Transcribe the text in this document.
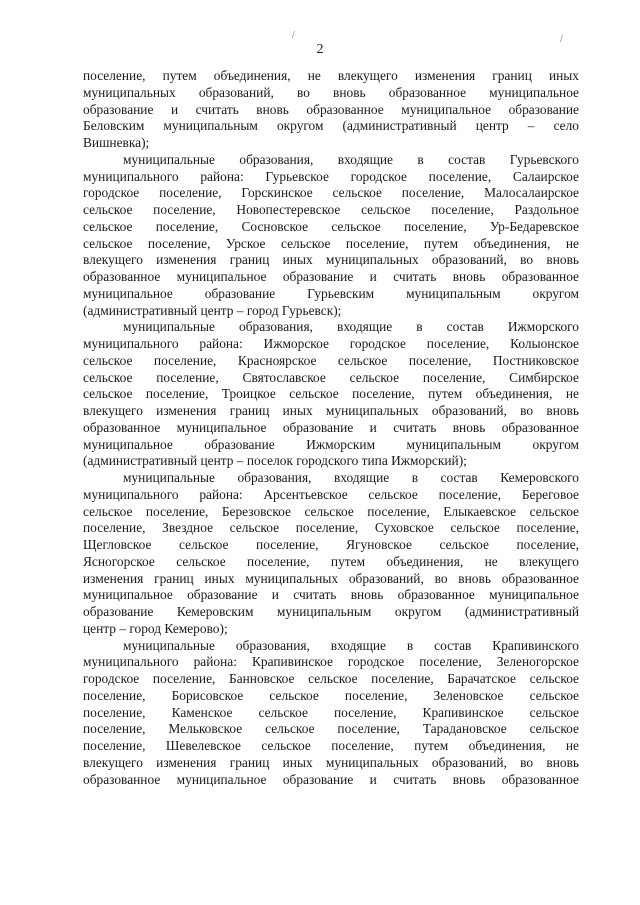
2
/	/
поселение, путем объединения, не влекущего изменения границ иных
муниципальных образований, во вновь образованное муниципальное
образование и считать вновь образованное муниципальное образование
Беловским муниципальным округом (административный центр – село
Вишневка);
муниципальные образования, входящие в состав Гурьевского
муниципального района: Гурьевское городское поселение, Салаирское
городское поселение, Горскинское сельское поселение, Малосалаирское
сельское поселение, Новопестеревское сельское поселение, Раздольное
сельское поселение, Сосновское сельское поселение, Ур-Бедаревское
сельское поселение, Урское сельское поселение, путем объединения, не
влекущего изменения границ иных муниципальных образований, во вновь
образованное муниципальное образование и считать вновь образованное
муниципальное образование Гурьевским муниципальным округом
(административный центр – город Гурьевск);
муниципальные образования, входящие в состав Ижморского
муниципального района: Ижморское городское поселение, Колыонское
сельское поселение, Красноярское сельское поселение, Постниковское
сельское поселение, Святославское сельское поселение, Симбирское
сельское поселение, Троицкое сельское поселение, путем объединения, не
влекущего изменения границ иных муниципальных образований, во вновь
образованное муниципальное образование и считать вновь образованное
муниципальное образование Ижморским муниципальным округом
(административный центр – поселок городского типа Ижморский);
муниципальные образования, входящие в состав Кемеровского
муниципального района: Арсентьевское сельское поселение, Береговое
сельское поселение, Березовское сельское поселение, Елыкаевское сельское
поселение, Звездное сельское поселение, Суховское сельское поселение,
Щегловское сельское поселение, Ягуновское сельское поселение,
Ясногорское сельское поселение, путем объединения, не влекущего
изменения границ иных муниципальных образований, во вновь образованное
муниципальное образование и считать вновь образованное муниципальное
образование Кемеровским муниципальным округом (административный
центр – город Кемерово);
муниципальные образования, входящие в состав Крапивинского
муниципального района: Крапивинское городское поселение, Зеленогорское
городское поселение, Банновское сельское поселение, Барачатское сельское
поселение, Борисовское сельское поселение, Зеленовское сельское
поселение, Каменское сельское поселение, Крапивинское сельское
поселение, Мельковское сельское поселение, Тарадановское сельское
поселение, Шевелевское сельское поселение, путем объединения, не
влекущего изменения границ иных муниципальных образований, во вновь
образованное муниципальное образование и считать вновь образованное
